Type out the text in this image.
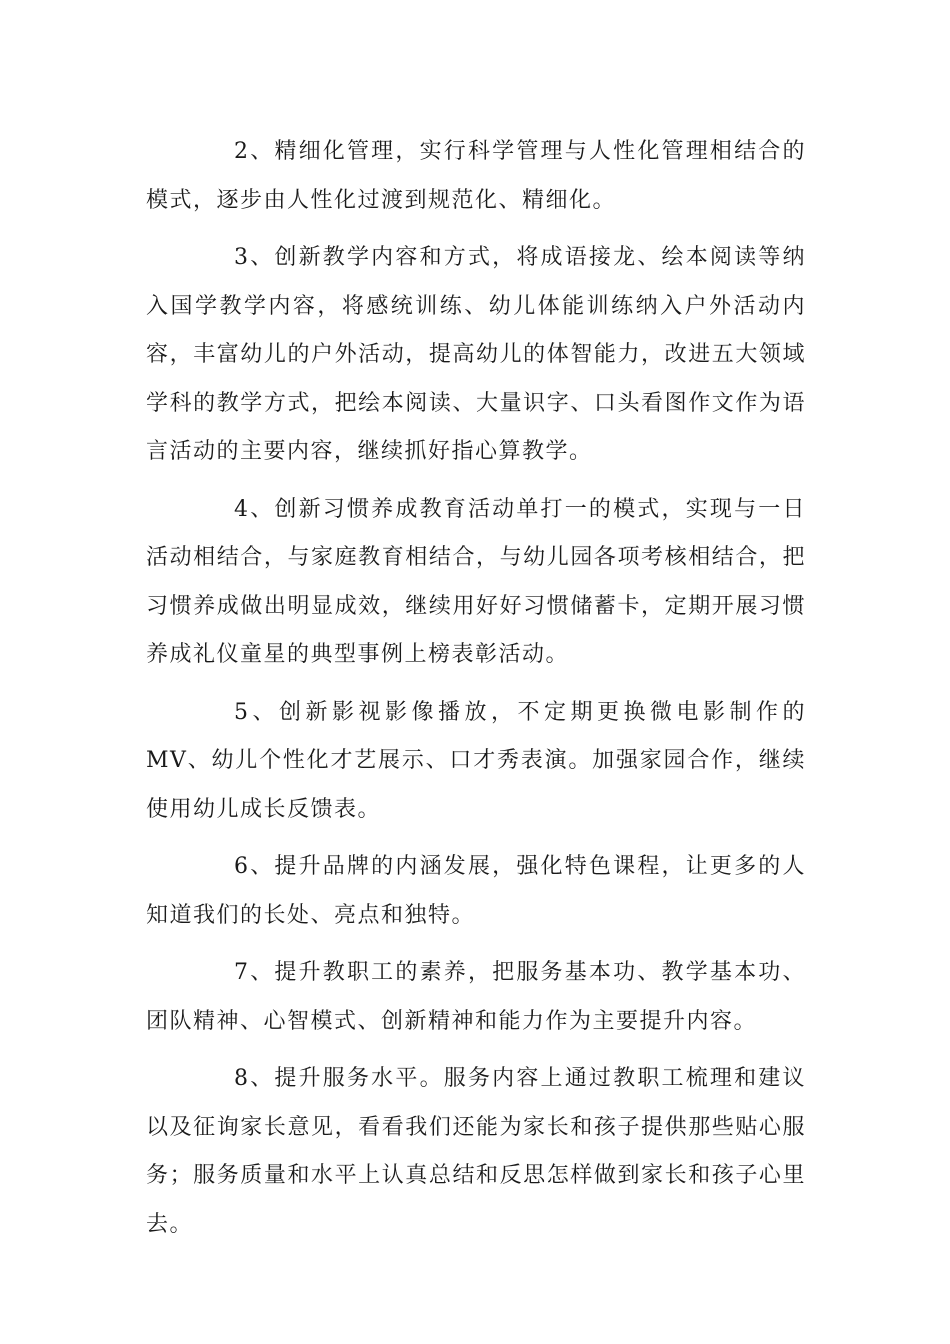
2、精细化管理，实行科学管理与人性化管理相结合的模式，逐步由人性化过渡到规范化、精细化。

3、创新教学内容和方式，将成语接龙、绘本阅读等纳入国学教学内容，将感统训练、幼儿体能训练纳入户外活动内容，丰富幼儿的户外活动，提高幼儿的体智能力，改进五大领域学科的教学方式，把绘本阅读、大量识字、口头看图作文作为语言活动的主要内容，继续抓好指心算教学。

4、创新习惯养成教育活动单打一的模式，实现与一日活动相结合，与家庭教育相结合，与幼儿园各项考核相结合，把习惯养成做出明显成效，继续用好好习惯储蓄卡，定期开展习惯养成礼仪童星的典型事例上榜表彰活动。

5、创新影视影像播放，不定期更换微电影制作的MV、幼儿个性化才艺展示、口才秀表演。加强家园合作，继续使用幼儿成长反馈表。

6、提升品牌的内涵发展，强化特色课程，让更多的人知道我们的长处、亮点和独特。

7、提升教职工的素养，把服务基本功、教学基本功、团队精神、心智模式、创新精神和能力作为主要提升内容。

8、提升服务水平。服务内容上通过教职工梳理和建议以及征询家长意见，看看我们还能为家长和孩子提供那些贴心服务；服务质量和水平上认真总结和反思怎样做到家长和孩子心里去。
